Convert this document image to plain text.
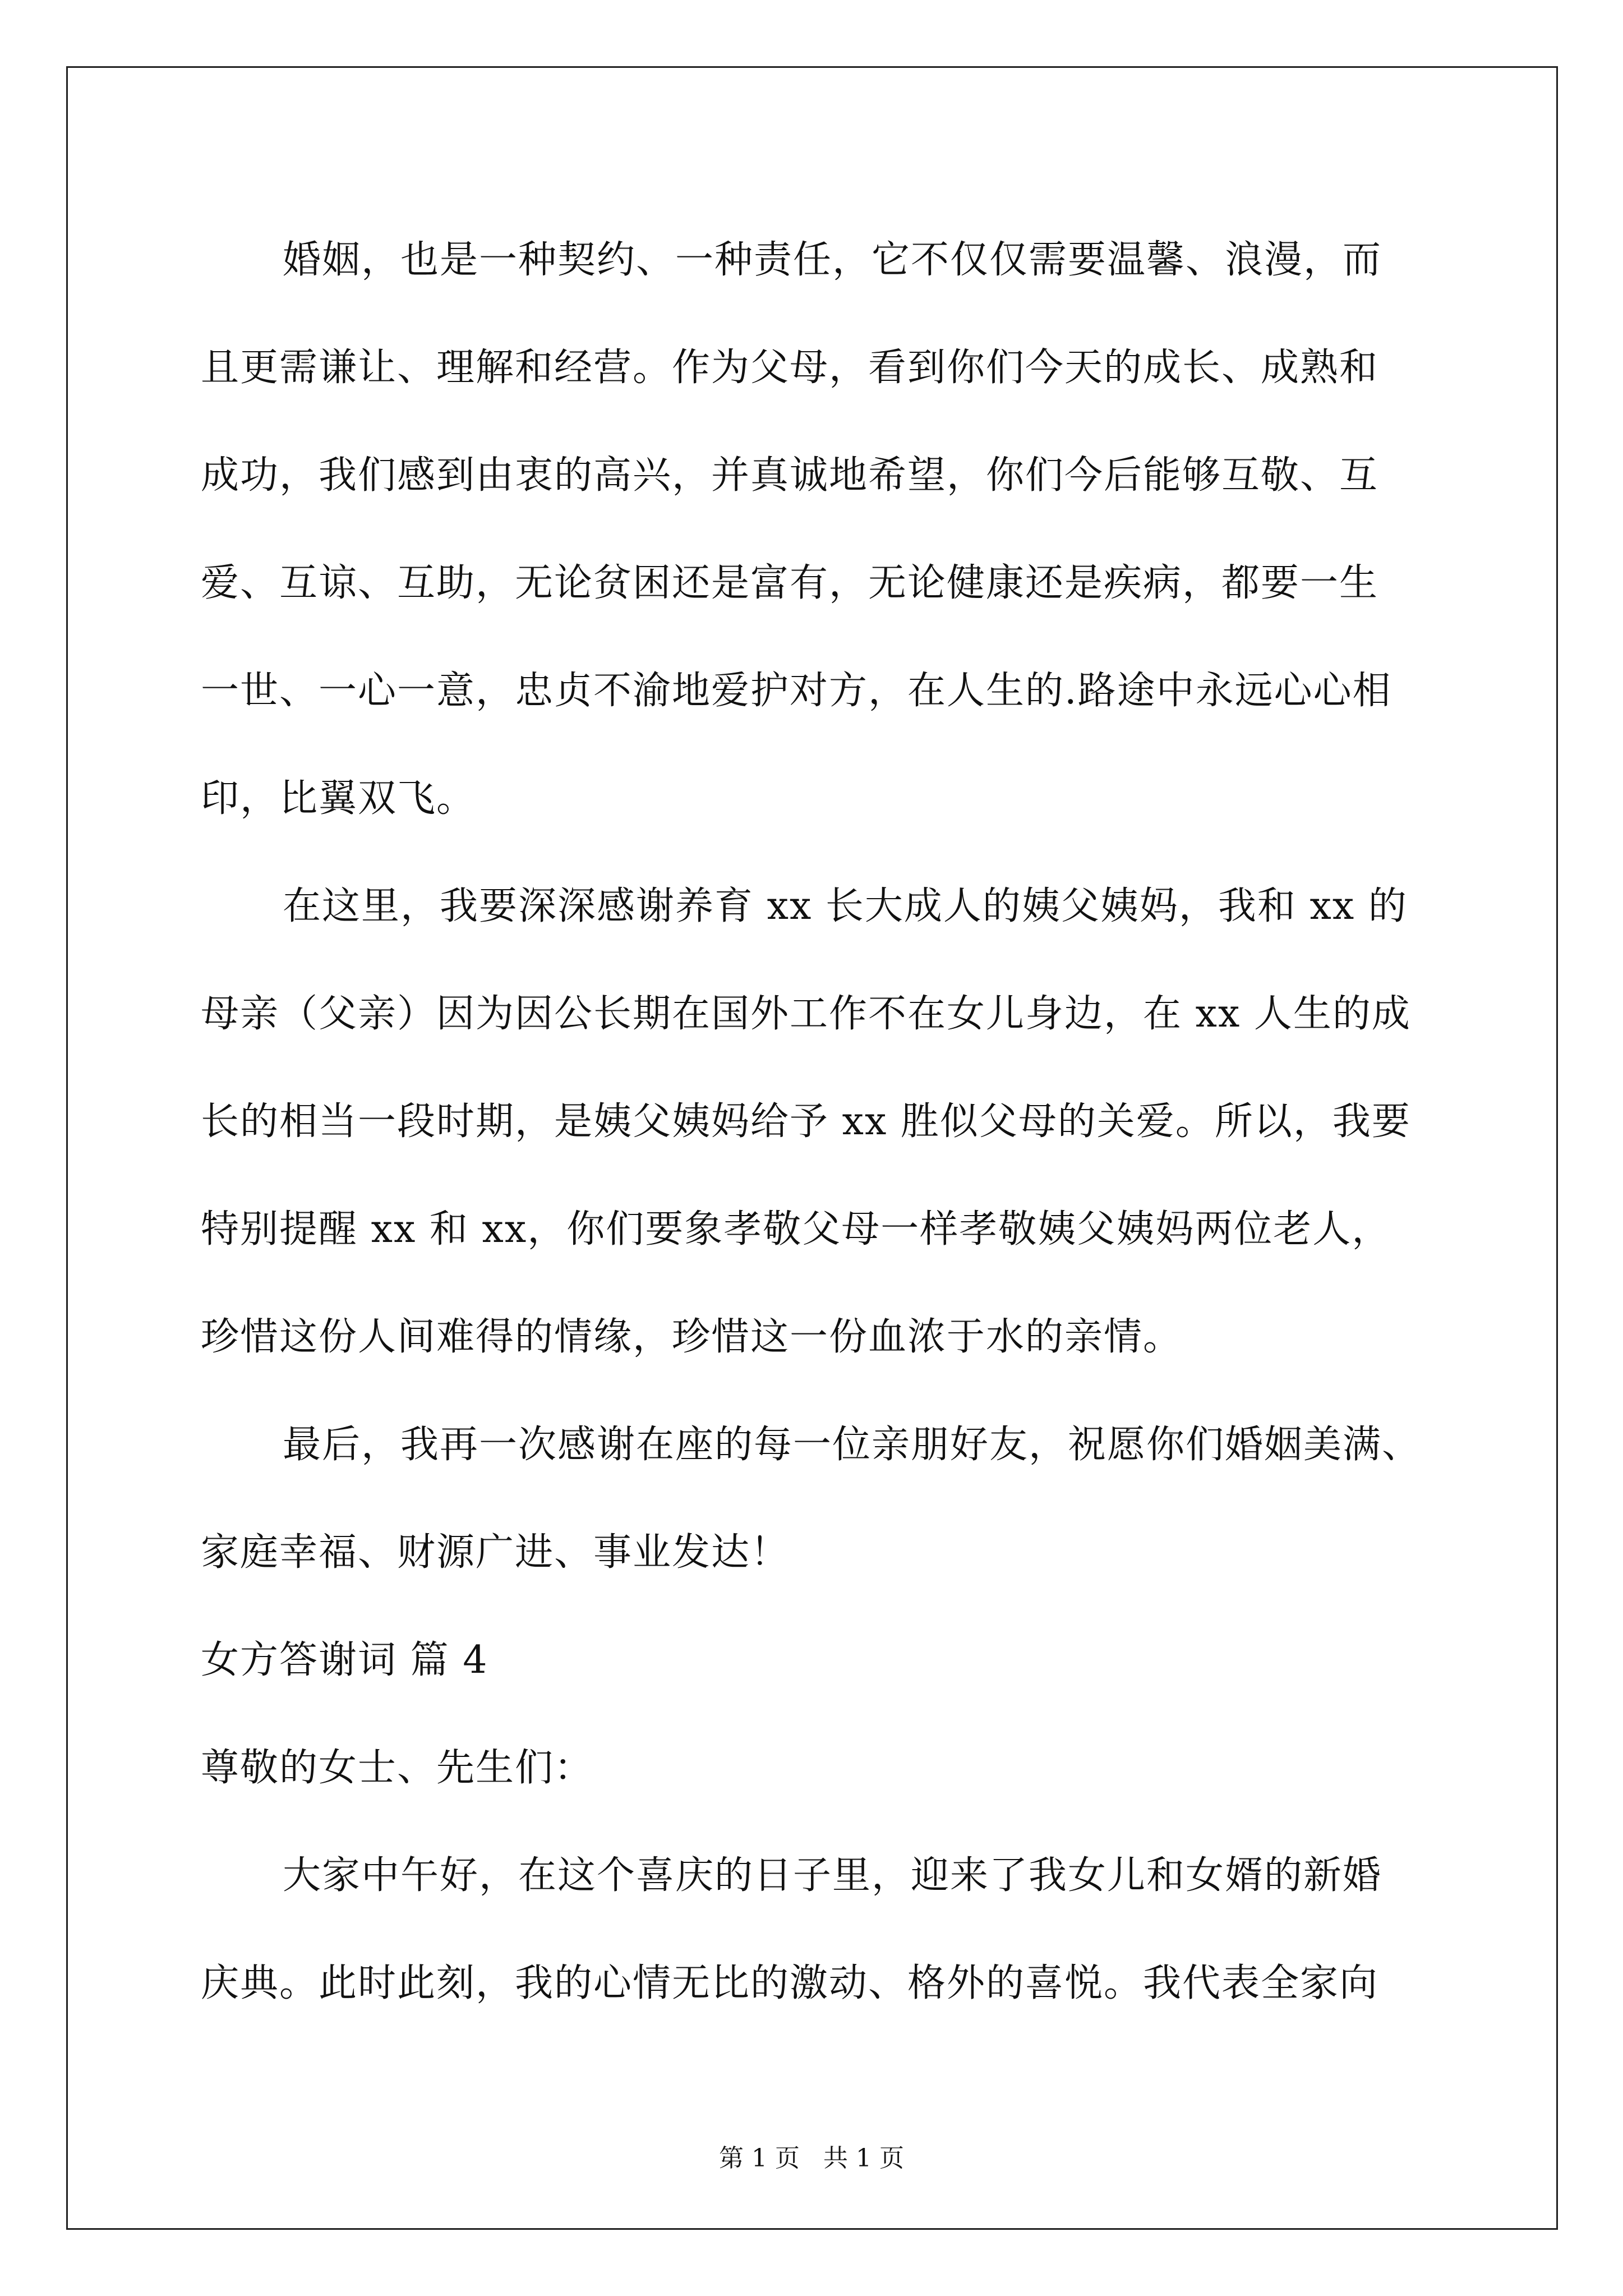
婚姻，也是一种契约、一种责任，它不仅仅需要温馨、浪漫，而
且更需谦让、理解和经营。作为父母，看到你们今天的成长、成熟和
成功，我们感到由衷的高兴，并真诚地希望，你们今后能够互敬、互
爱、互谅、互助，无论贫困还是富有，无论健康还是疾病，都要一生
一世、一心一意，忠贞不渝地爱护对方，在人生的.路途中永远心心相
印，比翼双飞。
在这里，我要深深感谢养育 xx 长大成人的姨父姨妈，我和 xx 的
母亲（父亲）因为因公长期在国外工作不在女儿身边，在 xx 人生的成
长的相当一段时期，是姨父姨妈给予 xx 胜似父母的关爱。所以，我要
特别提醒 xx 和 xx，你们要象孝敬父母一样孝敬姨父姨妈两位老人，
珍惜这份人间难得的情缘，珍惜这一份血浓于水的亲情。
最后，我再一次感谢在座的每一位亲朋好友，祝愿你们婚姻美满、
家庭幸福、财源广进、事业发达！
女方答谢词 篇 4
尊敬的女士、先生们：
大家中午好，在这个喜庆的日子里，迎来了我女儿和女婿的新婚
庆典。此时此刻，我的心情无比的激动、格外的喜悦。我代表全家向
第 1 页 共 1 页
